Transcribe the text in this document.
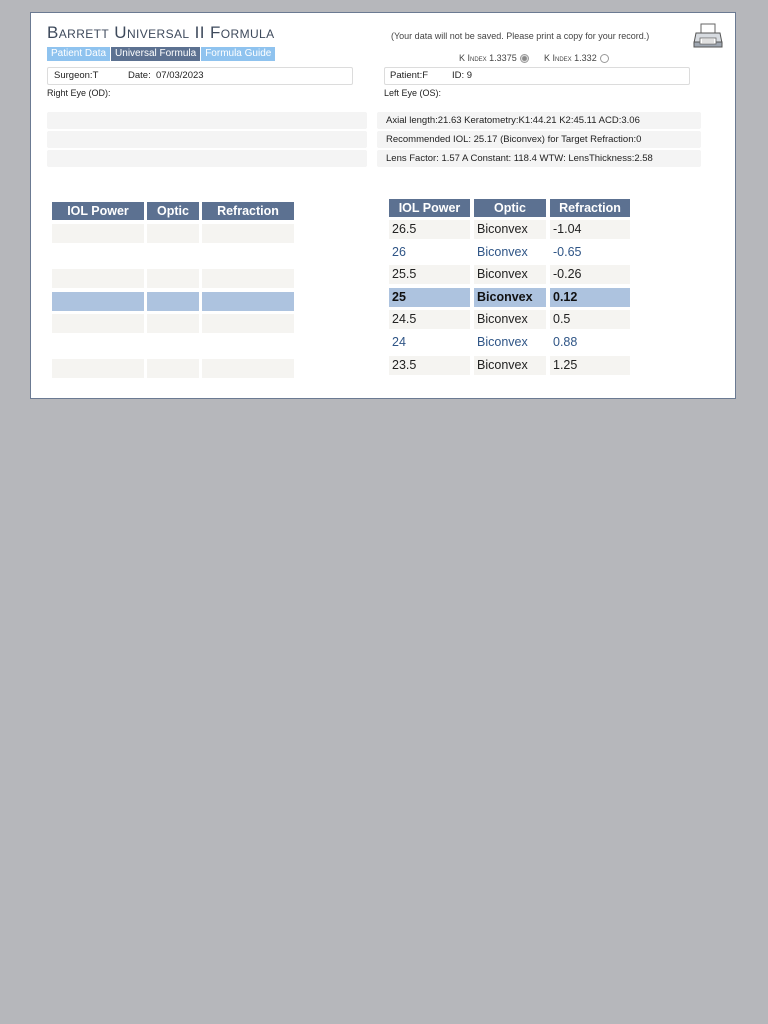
Barrett Universal II Formula
Patient Data Universal Formula Formula Guide
(Your data will not be saved. Please print a copy for your record.)
K Index 1.3375	K Index 1.332
Surgeon:T	Date: 07/03/2023	Patient:F	ID: 9
Right Eye (OD):	Left Eye (OS):
Axial length:21.63 Keratometry:K1:44.21 K2:45.11 ACD:3.06
Recommended IOL: 25.17 (Biconvex) for Target Refraction:0
Lens Factor: 1.57 A Constant: 118.4 WTW: LensThickness:2.58
IOL Power	Optic	Refraction	IOL Power	Optic	Refraction
26.5	Biconvex	-1.04
26	Biconvex	-0.65
25.5	Biconvex	-0.26
25	Biconvex	0.12
24.5	Biconvex	0.5
24	Biconvex	0.88
23.5	Biconvex	1.25
